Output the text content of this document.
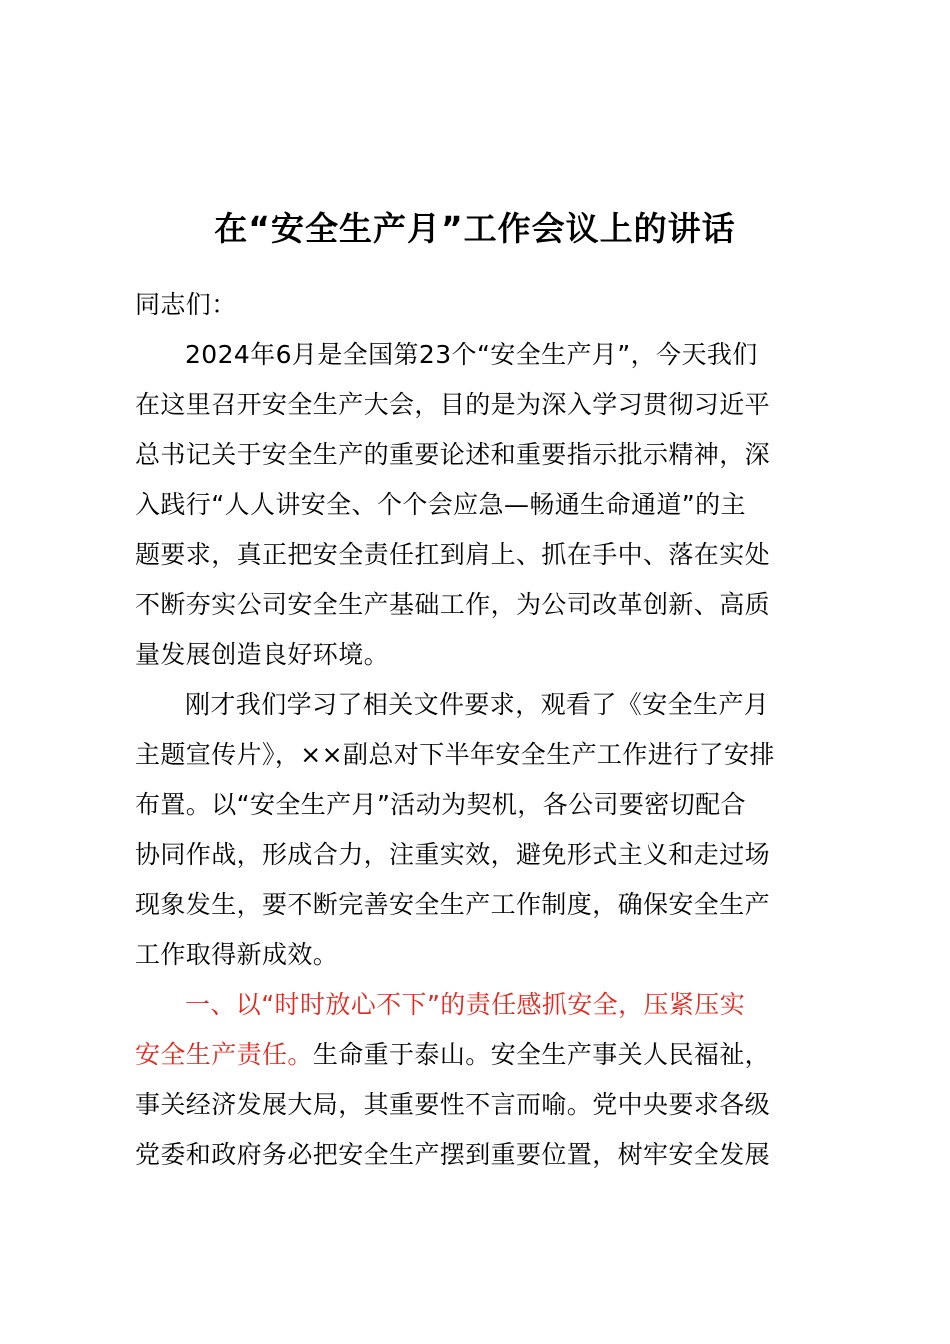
在“安全生产月”工作会议上的讲话
同志们：
2024年6月是全国第23个“安全生产月”，今天我们
在这里召开安全生产大会，目的是为深入学习贯彻习近平
总书记关于安全生产的重要论述和重要指示批示精神，深
入践行“人人讲安全、个个会应急—畅通生命通道”的主
题要求，真正把安全责任扛到肩上、抓在手中、落在实处
不断夯实公司安全生产基础工作，为公司改革创新、高质
量发展创造良好环境。
刚才我们学习了相关文件要求，观看了《安全生产月
主题宣传片》，××副总对下半年安全生产工作进行了安排
布置。以“安全生产月”活动为契机，各公司要密切配合
协同作战，形成合力，注重实效，避免形式主义和走过场
现象发生，要不断完善安全生产工作制度，确保安全生产
工作取得新成效。
一、以“时时放心不下”的责任感抓安全，压紧压实
安全生产责任。生命重于泰山。安全生产事关人民福祉，
事关经济发展大局，其重要性不言而喻。党中央要求各级
党委和政府务必把安全生产摆到重要位置，树牢安全发展
